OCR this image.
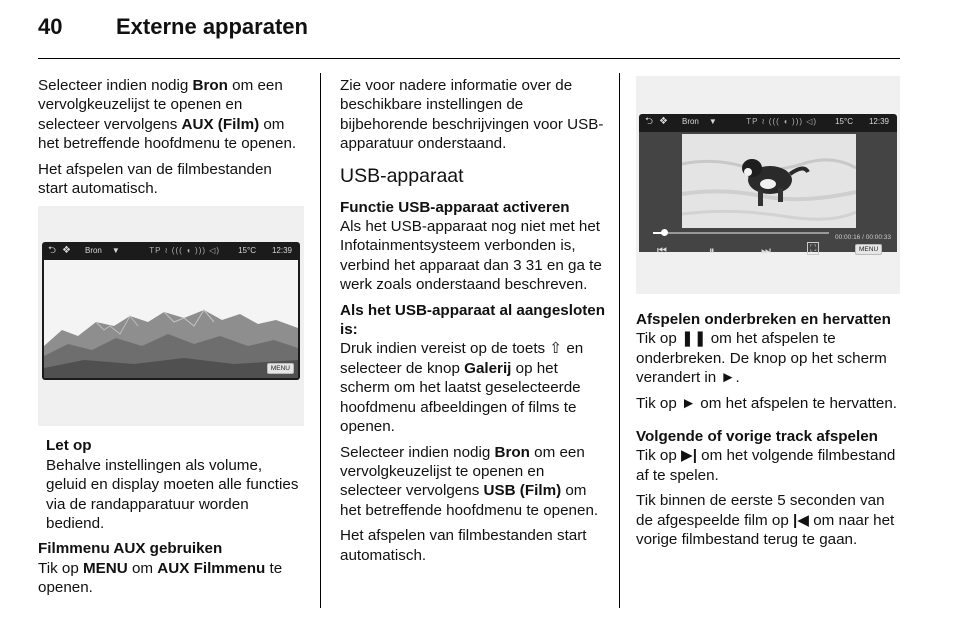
40 Externe apparaten

Selecteer indien nodig Bron om een vervolgkeuzelijst te openen en selecteer vervolgens AUX (Film) om het betreffende hoofdmenu te openen.

Het afspelen van de filmbestanden start automatisch.

⮌ ❖ Bron ▼	TP ≀ ((( ◖ ))) ◁) 15°C 12:39
MENU

Let op
Behalve instellingen als volume, geluid en display moeten alle functies via de randapparatuur worden bediend.

Filmmenu AUX gebruiken

Tik op MENU om AUX Filmmenu te openen.

Zie voor nadere informatie over de beschikbare instellingen de bijbehorende beschrijvingen voor USB-apparatuur onderstaand.

USB-apparaat
Functie USB-apparaat activeren

Als het USB-apparaat nog niet met het Infotainmentsysteem verbonden is, verbind het apparaat dan 3 31 en ga te werk zoals onderstaand beschreven.

Als het USB-apparaat al aangesloten is:

Druk indien vereist op de toets ⇧ en selecteer de knop Galerij op het scherm om het laatst geselecteerde hoofdmenu afbeeldingen of films te openen.

Selecteer indien nodig Bron om een vervolgkeuzelijst te openen en selecteer vervolgens USB (Film) om het betreffende hoofdmenu te openen.

Het afspelen van filmbestanden start automatisch.

⮌ ❖ Bron ▼	TP ≀ ((( ◖ ))) ◁) 15°C 12:39
00:00:16 / 00:00:33
⏮	⏸	⏭	⛶	MENU
Afspelen onderbreken en hervatten

Tik op ❚❚ om het afspelen te onderbreken. De knop op het scherm verandert in ►.

Tik op ► om het afspelen te hervatten.

Volgende of vorige track afspelen

Tik op ▶| om het volgende filmbestand af te spelen.

Tik binnen de eerste 5 seconden van de afgespeelde film op |◀ om naar het vorige filmbestand terug te gaan.
